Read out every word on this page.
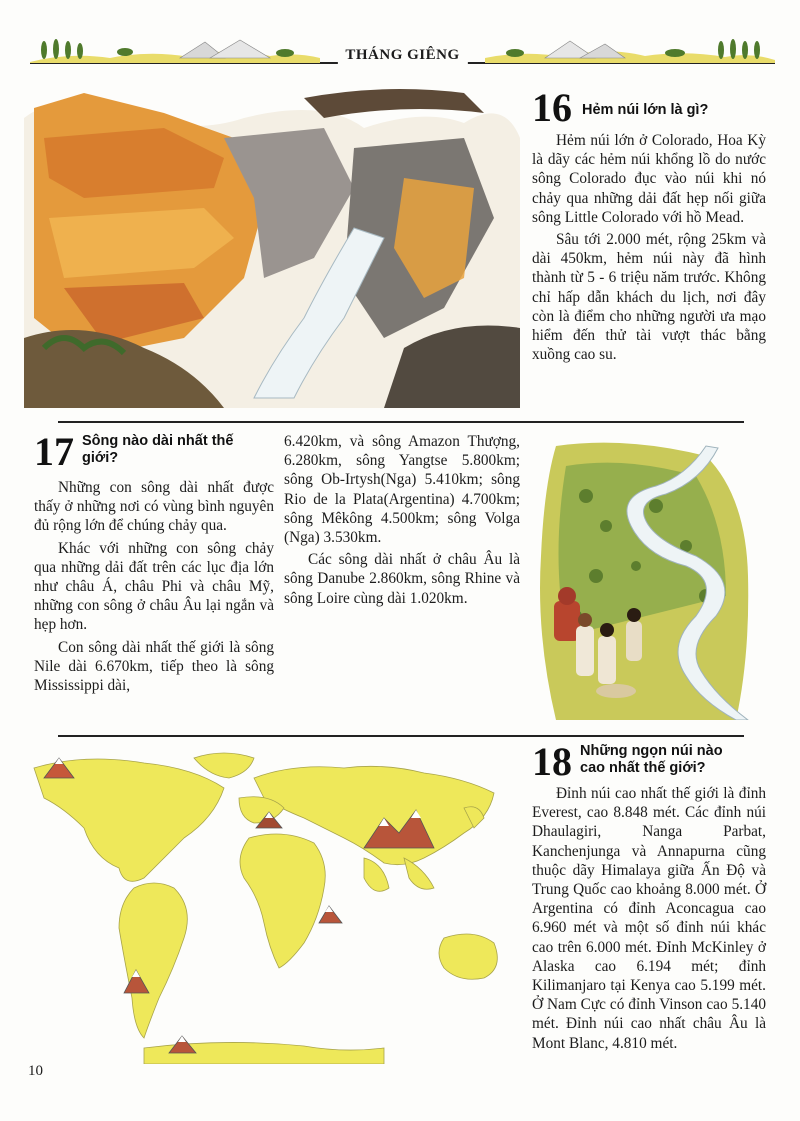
THÁNG GIÊNG
16 Hẻm núi lớn là gì?

Hẻm núi lớn ở Colorado, Hoa Kỳ là dãy các hẻm núi khổng lồ do nước sông Colorado đục vào núi khi nó chảy qua những dải đất hẹp nối giữa sông Little Colorado với hồ Mead.

Sâu tới 2.000 mét, rộng 25km và dài 450km, hẻm núi này đã hình thành từ 5 - 6 triệu năm trước. Không chỉ hấp dẫn khách du lịch, nơi đây còn là điểm cho những người ưa mạo hiểm đến thử tài vượt thác bằng xuồng cao su.

17 Sông nào dài nhất thế
giới?

Những con sông dài nhất được thấy ở những nơi có vùng bình nguyên đủ rộng lớn để chúng chảy qua.

Khác với những con sông chảy qua những dải đất trên các lục địa lớn như châu Á, châu Phi và châu Mỹ, những con sông ở châu Âu lại ngắn và hẹp hơn.

Con sông dài nhất thế giới là sông Nile dài 6.670km, tiếp theo là sông Mississippi dài,

6.420km, và sông Amazon Thượng, 6.280km, sông Yangtse 5.800km; sông Ob-Irtysh(Nga) 5.410km; sông Rio de la Plata(Argentina) 4.700km; sông Mêkông 4.500km; sông Volga (Nga) 3.530km.

Các sông dài nhất ở châu Âu là sông Danube 2.860km, sông Rhine và sông Loire cùng dài 1.020km.

18 Những ngọn núi nào
cao nhất thế giới?

Đỉnh núi cao nhất thế giới là đỉnh Everest, cao 8.848 mét. Các đỉnh núi Dhaulagiri, Nanga Parbat, Kanchenjunga và Annapurna cũng thuộc dãy Himalaya giữa Ấn Độ và Trung Quốc cao khoảng 8.000 mét. Ở Argentina có đỉnh Aconcagua cao 6.960 mét và một số đỉnh núi khác cao trên 6.000 mét. Đỉnh McKinley ở Alaska cao 6.194 mét; đỉnh Kilimanjaro tại Kenya cao 5.199 mét. Ở Nam Cực có đỉnh Vinson cao 5.140 mét. Đỉnh núi cao nhất châu Âu là Mont Blanc, 4.810 mét.

10
